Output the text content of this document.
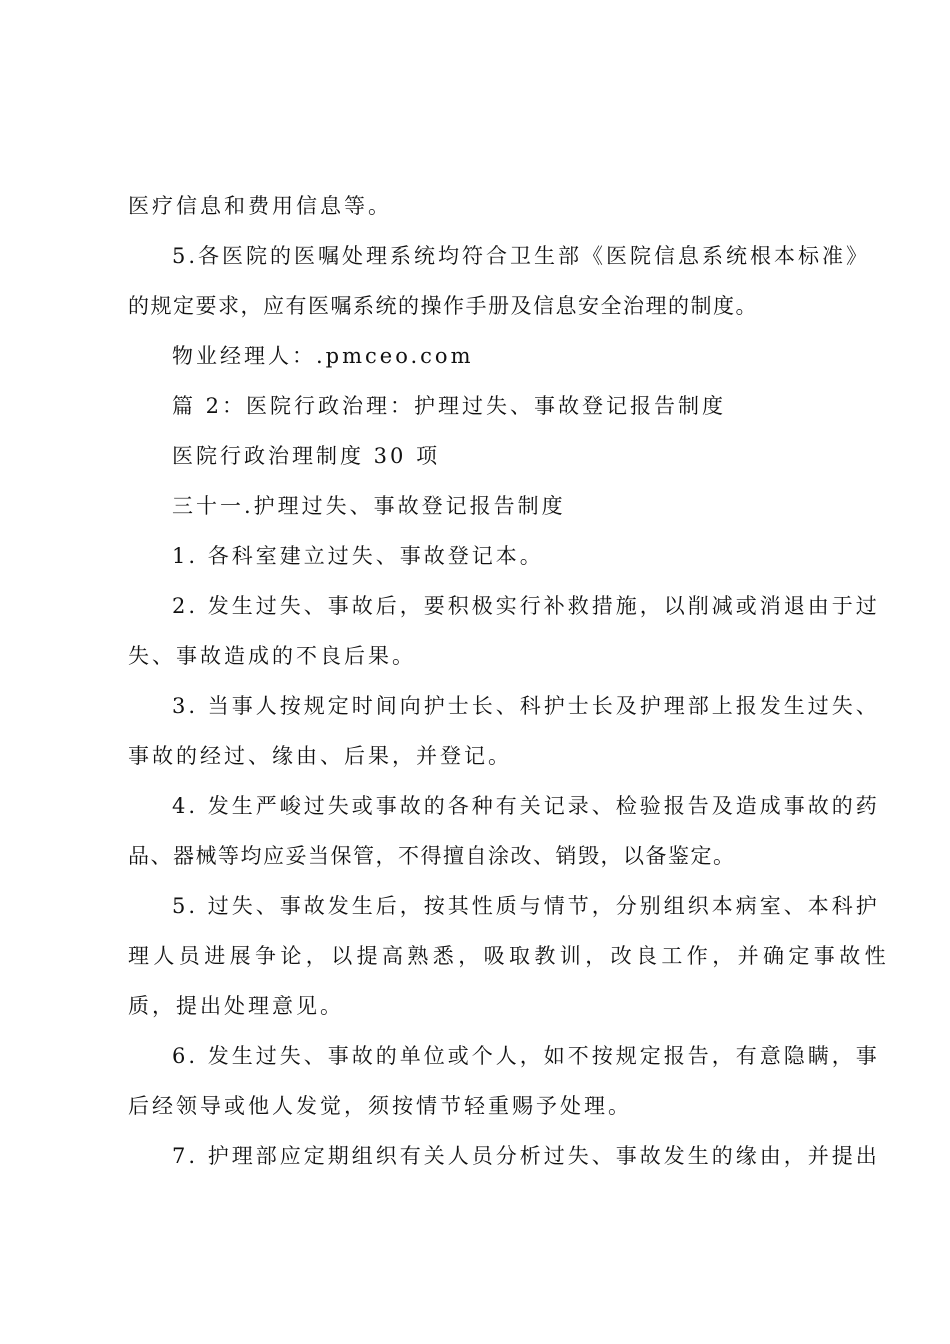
医疗信息和费用信息等。
5.各医院的医嘱处理系统均符合卫生部《医院信息系统根本标准》
的规定要求，应有医嘱系统的操作手册及信息安全治理的制度。
物业经理人：.pmceo.com
篇 2：医院行政治理：护理过失、事故登记报告制度
医院行政治理制度 30 项
三十一.护理过失、事故登记报告制度
1. 各科室建立过失、事故登记本。
2. 发生过失、事故后，要积极实行补救措施，以削减或消退由于过
失、事故造成的不良后果。
3. 当事人按规定时间向护士长、科护士长及护理部上报发生过失、
事故的经过、缘由、后果，并登记。
4. 发生严峻过失或事故的各种有关记录、检验报告及造成事故的药
品、器械等均应妥当保管，不得擅自涂改、销毁，以备鉴定。
5. 过失、事故发生后，按其性质与情节，分别组织本病室、本科护
理人员进展争论，以提高熟悉，吸取教训，改良工作，并确定事故性
质，提出处理意见。
6. 发生过失、事故的单位或个人，如不按规定报告，有意隐瞒，事
后经领导或他人发觉，须按情节轻重赐予处理。
7. 护理部应定期组织有关人员分析过失、事故发生的缘由，并提出
